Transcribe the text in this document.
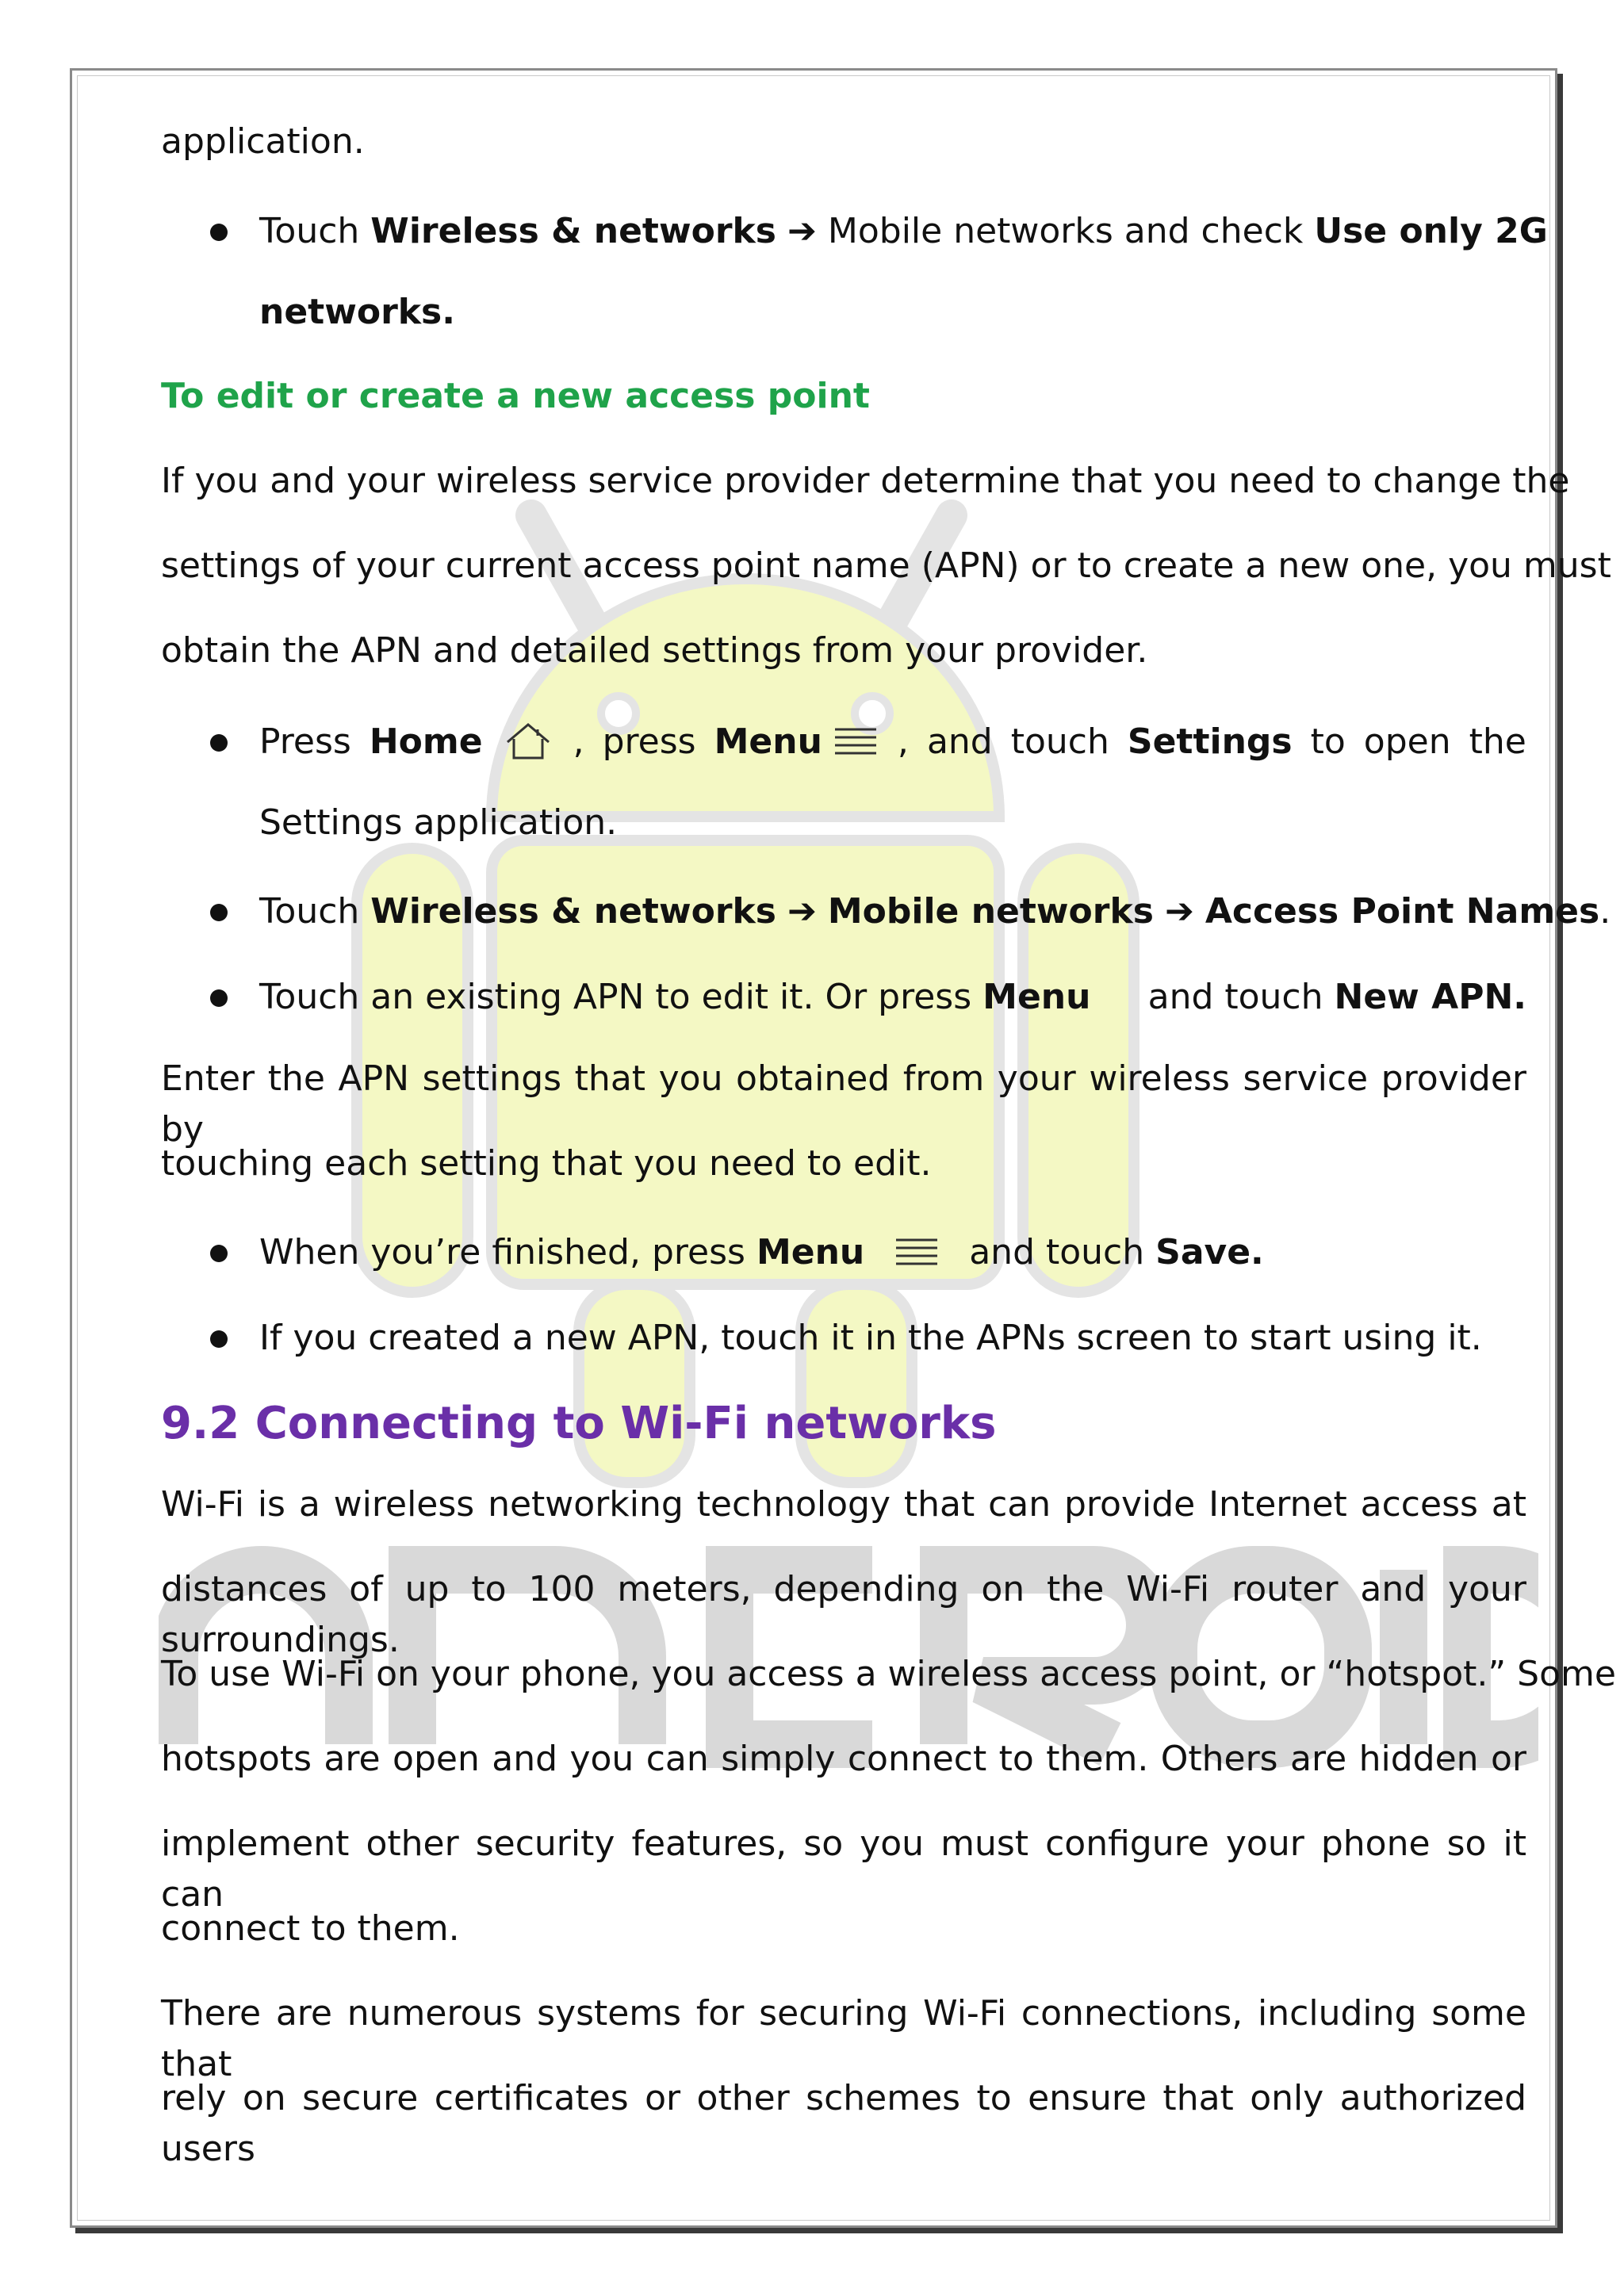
application.
Touch Wireless & networks ➔ Mobile networks and check Use only 2G
networks.
To edit or create a new access point
If you and your wireless service provider determine that you need to change the
settings of your current access point name (APN) or to create a new one, you must
obtain the APN and detailed settings from your provider.
Press Home	, press Menu , and touch Settings to open the
Settings application.
Touch Wireless & networks ➔ Mobile networks ➔ Access Point Names.
Touch an existing APN to edit it. Or press Menu and touch New APN.
Enter the APN settings that you obtained from your wireless service provider by
touching each setting that you need to edit.
When you’re finished, press Menu	and touch Save.
If you created a new APN, touch it in the APNs screen to start using it.
9.2 Connecting to Wi-Fi networks
Wi-Fi is a wireless networking technology that can provide Internet access at
distances of up to 100 meters, depending on the Wi-Fi router and your surroundings.
To use Wi-Fi on your phone, you access a wireless access point, or “hotspot.” Some
hotspots are open and you can simply connect to them. Others are hidden or
implement other security features, so you must configure your phone so it can
connect to them.
There are numerous systems for securing Wi-Fi connections, including some that
rely on secure certificates or other schemes to ensure that only authorized users
